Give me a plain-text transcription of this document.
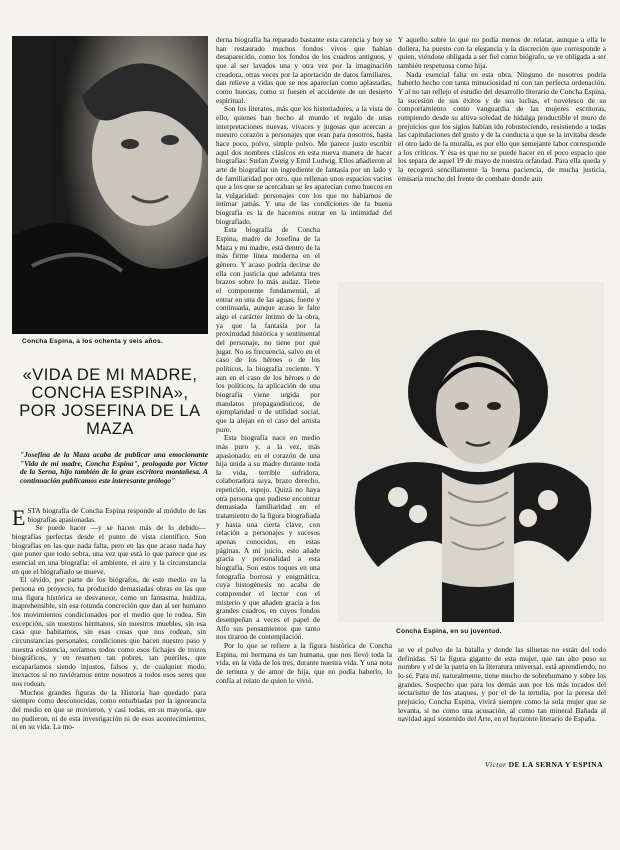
Concha Espina, a los ochenta y seis años.
«VIDA DE MI MADRE, CONCHA ESPINA», POR JOSEFINA DE LA MAZA
"Josefina de la Maza acaba de publicar una emocionante "Vida de mi madre, Concha Espina", prologada por Víctor de la Serna, hijo también de la gran escritora montañesa. A continuación publicamos este interesante prólogo"

ESTA biografía de Concha Espina responde al módulo de las biografías apasionadas.

Se puede hacer —y se hacen más de lo debido— biografías perfectas desde el punto de vista científico. Son biografías en las que nada falta, pero en las que acaso nada hay que poner que todo sobra, una vez que está lo que parece que es esencial en una biografía: el ambiente, el aire y la circunstancia en que el biografiado se mueve.

El olvido, por parte de los biógrafos, de este medio en la persona en proyecto, ha producido demasiadas obras en las que una figura histórica se desvanece, como un fantasma, huidiza, inaprehensible, sin esa rotunda concreción que dan al ser humano los movimientos condicionados por el medio que le rodea. Sin excepción, sin nuestros hermanos, sin nuestros muebles, sin esa casa que habitamos, sin esas cosas que nos rodean, sin circunstancias personales, condiciones que hacen nuestro paso y nuestra existencia, seríamos todos como esos fichajes de trozos biográficos, y en resumen tan pobres, tan pueriles, que escaparíamos siendo injustos, falsos y, de cualquier modo, inexactos si no tuviéramos entre nosotros a todos esos seres que nos rodean.

Muchos grandes figuras de la Historia han quedado para siempre como desconocidas, como enturbiadas por la ignorancia del medio en que se movieron, y casi todas, en su mayoría, que no pudieron, ni de esta investigación ni de esos acontecimientos, ni en su vida. La mo-

derna biografía ha reparado bastante esta carencia y hoy se han restaurado muchos fondos vivos que habían desaparecido, como los fondos de los cuadros antiguos, y que al ser lavados una y otra vez por la imaginación creadora, otras veces por la aportación de datos familiares, dan relieve a vidas que se nos aparecían como aplastadas, como huecas, como si fuesen el accidente de un desierto espiritual.

Son los literatos, más que los historiadores, a la vista de ello, quienes han hecho al mundo el regalo de unas interpretaciones nuevas, vivaces y jugosas que acercan a nuestro corazón a personajes que eran para nosotros, hasta hace poco, polvo, simple polvo. Me parece justo escribir aquí dos nombres clásicos en esta nueva manera de hacer biografías: Stefan Zweig y Emil Ludwig. Ellos añadieron al arte de biografiar un ingrediente de fantasía por un lado y de familiaridad por otro, que rellenan unos espacios vacíos que a los que se acercaban se les aparecían como huecos en la vulgaridad: personajes con los que no habíamos de intimar jamás. Y una de las condiciones de la buena biografía es la de hacernos entrar en la intimidad del biografiado.

Esta biografía de Concha Espina, madre de Josefina de la Maza y mi madre, está dentro de la más firme línea moderna en el género. Y acaso podría decirse de ella con justicia que adelanta tres brazos sobre lo más audaz. Tiene el componente fundamental, al entrar en una de las aguas, fuerte y continuada, aunque acaso le falte algo el carácter íntimo de la obra, ya que la fantasía por la proximidad histórica y sentimental del personaje, no tiene por qué jugar. No es frecuencia, salvo en el caso de los héroes o de los políticos, la biografía reciente. Y aun en el caso de los héroes o de los políticos, la aplicación de una biografía viene urgida por mandatos propagandísticos, de ejemplaridad o de utilidad social, que la alejan en el caso del artista puro.

Esta biografía nace en medio más puro y, a la vez, más apasionado: en el corazón de una hija unida a su madre durante toda la vida, terrible sufridora, colaboradora suya, brazo derecho, repetición, espejo. Quizá no haya otra persona que pudiese encontrar demasiada familiaridad en el tratamiento de la figura biografiada y hasta una cierta clave, con relación a personajes y sucesos apenas conocidos, en estas páginas. A mi juicio, esto añade gracia y personalidad a esta biografía. Son estos toques en una fotografía borrosa y enigmática, cuya histogénesis no acaba de comprender el lector con el misterio y que añaden gracia a los grandes cuadros, en cuyos fondos desempeñan a veces el papel de Alfo sus pensamientos que tanto nos tiraron de contemplación.

Por lo que se refiere a la figura histórica de Concha Espina, mi hermana es tan humana, que nos llevó toda la vida, en la vida de los tres, durante nuestra vida. Y una nota de ternura y de amor de hija, que no podía haberlo, lo confía al relato de quien lo vivió.

Y aquello sobre lo que no podía menos de relatar, aunque a ella le doliera, ha puesto con la elegancia y la discreción que corresponde a quien, viéndose obligada a ser fiel como biógrafo, se ve obligada a ser también respetuosa como hija.

Nada esencial falta en esta obra. Ninguno de nosotros podría haberlo hecho con tanta minuciosidad ni con tan perfecta ordenación. Y al no tan reflejo el estudio del desarrollo literario de Concha Espina, la sucesión de sus éxitos y de sus luchas, el novelesco de su comportamiento como vanguardia de las mujeres escritoras, rompiendo desde su altiva soledad de hidalga productible el muro de prejuicios que los siglos habían ido robusteciendo, resistiendo a todas las capitulaciones del gusto y de la conducta a que se la invitaba desde el otro lado de la muralla, es por ello que semejante labor corresponde a los críticos. Y ésa es que no se puede hacer en el poco espacio que los separa de aquel 19 de mayo de nuestra orfandad. Para ella queda y la recogerá sencillamente la buena paciencia, de mucha justicia, emisaria mucho del frente de combate donde aun

Concha Espina, en su juventud.

se ve el polvo de la batalla y donde las siluetas no están del todo definidas. Si la figura gigante de esta mujer, que tan alto puso su nombre y el de la patria en la literatura universal, está aprendiendo, no lo sé. Para mí, naturalmente, tiene mucho de sobrehumano y sobre los grandes. Sospecho que para los demás aun por los más tocados del sectarismo de los ataques, y por el de la tertulia, por la peresa del prejuicio, Concha Espina, vivirá siempre como la sola mujer que se levanta, si no como una acusación, al como tan mineral Bañada al navidad aquí sostenido del Arte, en el horizonte literario de España.

Víctor DE LA SERNA Y ESPINA
